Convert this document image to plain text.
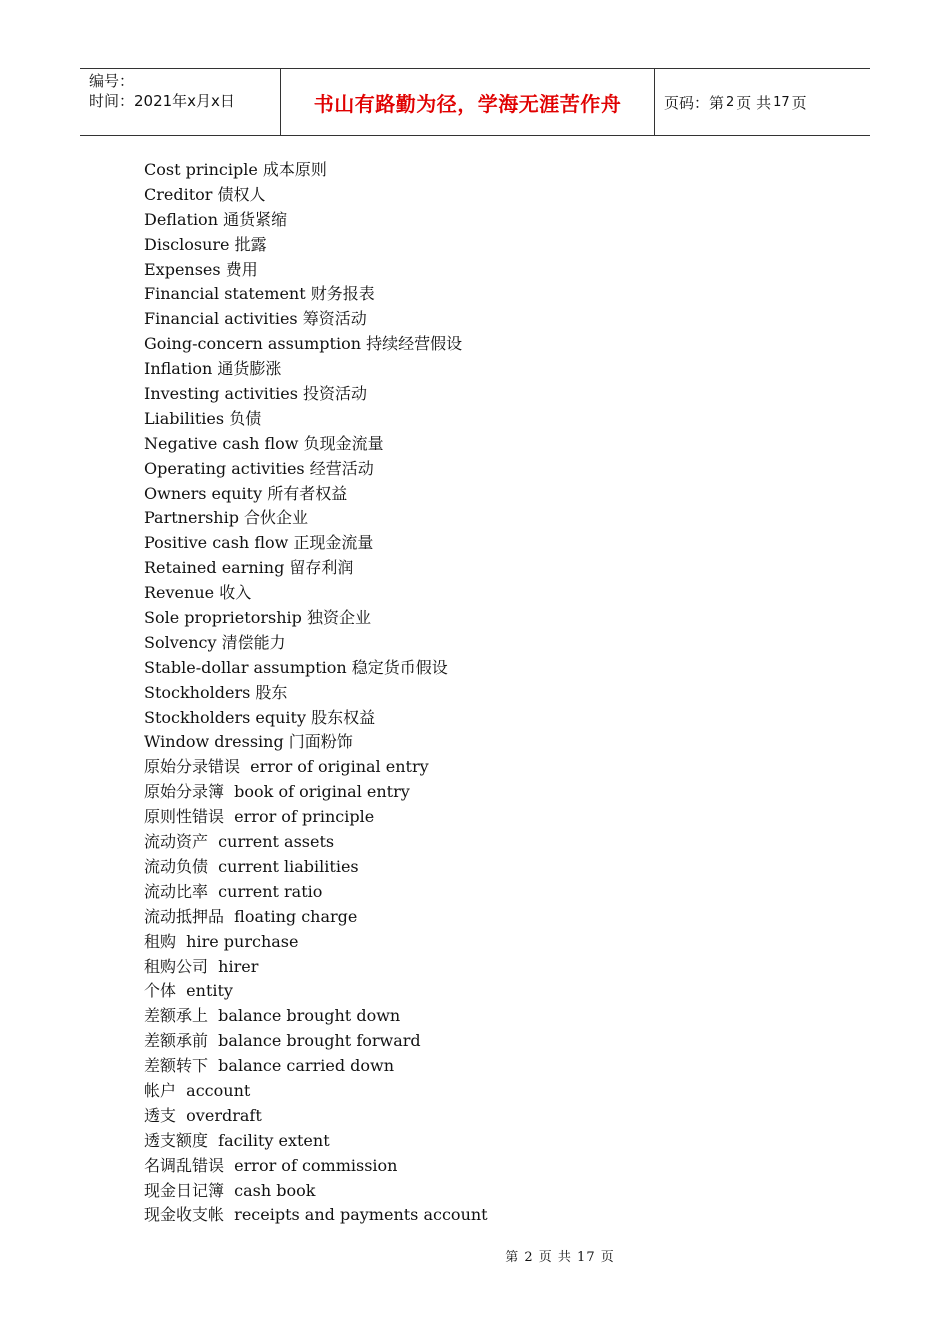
编号：
时间：2021年x月x日	书山有路勤为径，学海无涯苦作舟	页码：第 2 页 共 17 页
Cost principle 成本原则
Creditor 债权人
Deflation 通货紧缩
Disclosure 批露
Expenses 费用
Financial statement 财务报表
Financial activities 筹资活动
Going-concern assumption 持续经营假设
Inflation 通货膨涨
Investing activities 投资活动
Liabilities 负债
Negative cash flow 负现金流量
Operating activities 经营活动
Owners equity 所有者权益
Partnership 合伙企业
Positive cash flow 正现金流量
Retained earning 留存利润
Revenue 收入
Sole proprietorship 独资企业
Solvency 清偿能力
Stable-dollar assumption 稳定货币假设
Stockholders 股东
Stockholders equity 股东权益
Window dressing 门面粉饰
原始分录错误  error of original entry
原始分录簿  book of original entry
原则性错误  error of principle
流动资产  current assets
流动负债  current liabilities
流动比率  current ratio
流动抵押品  floating charge
租购  hire purchase
租购公司  hirer
个体  entity
差额承上  balance brought down
差额承前  balance brought forward
差额转下  balance carried down
帐户  account
透支  overdraft
透支额度  facility extent
名调乱错误  error of commission
现金日记簿  cash book
现金收支帐  receipts and payments account
第 2 页 共 17 页
